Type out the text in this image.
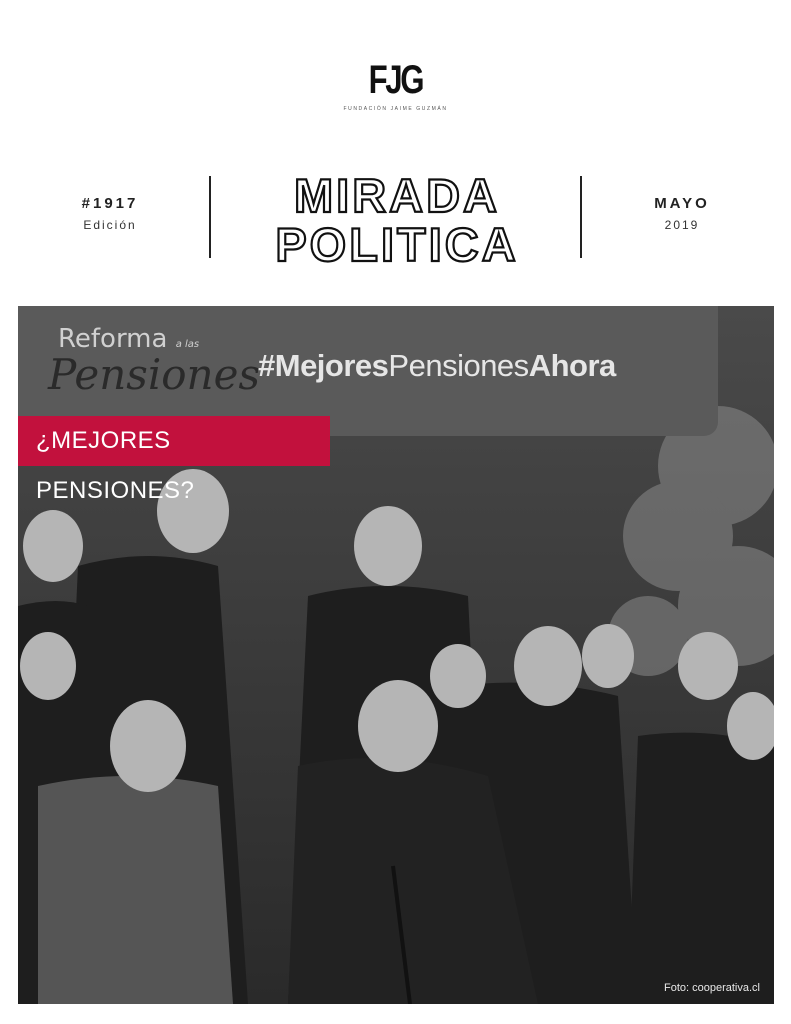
FJG
FUNDACIÓN JAIME GUZMÁN
#1917
Edición
MIRADA
POLITICA
MAYO
2019
Reforma a las
Pensiones
#MejoresPensionesAhora
¿MEJORES PENSIONES?
Foto: cooperativa.cl
